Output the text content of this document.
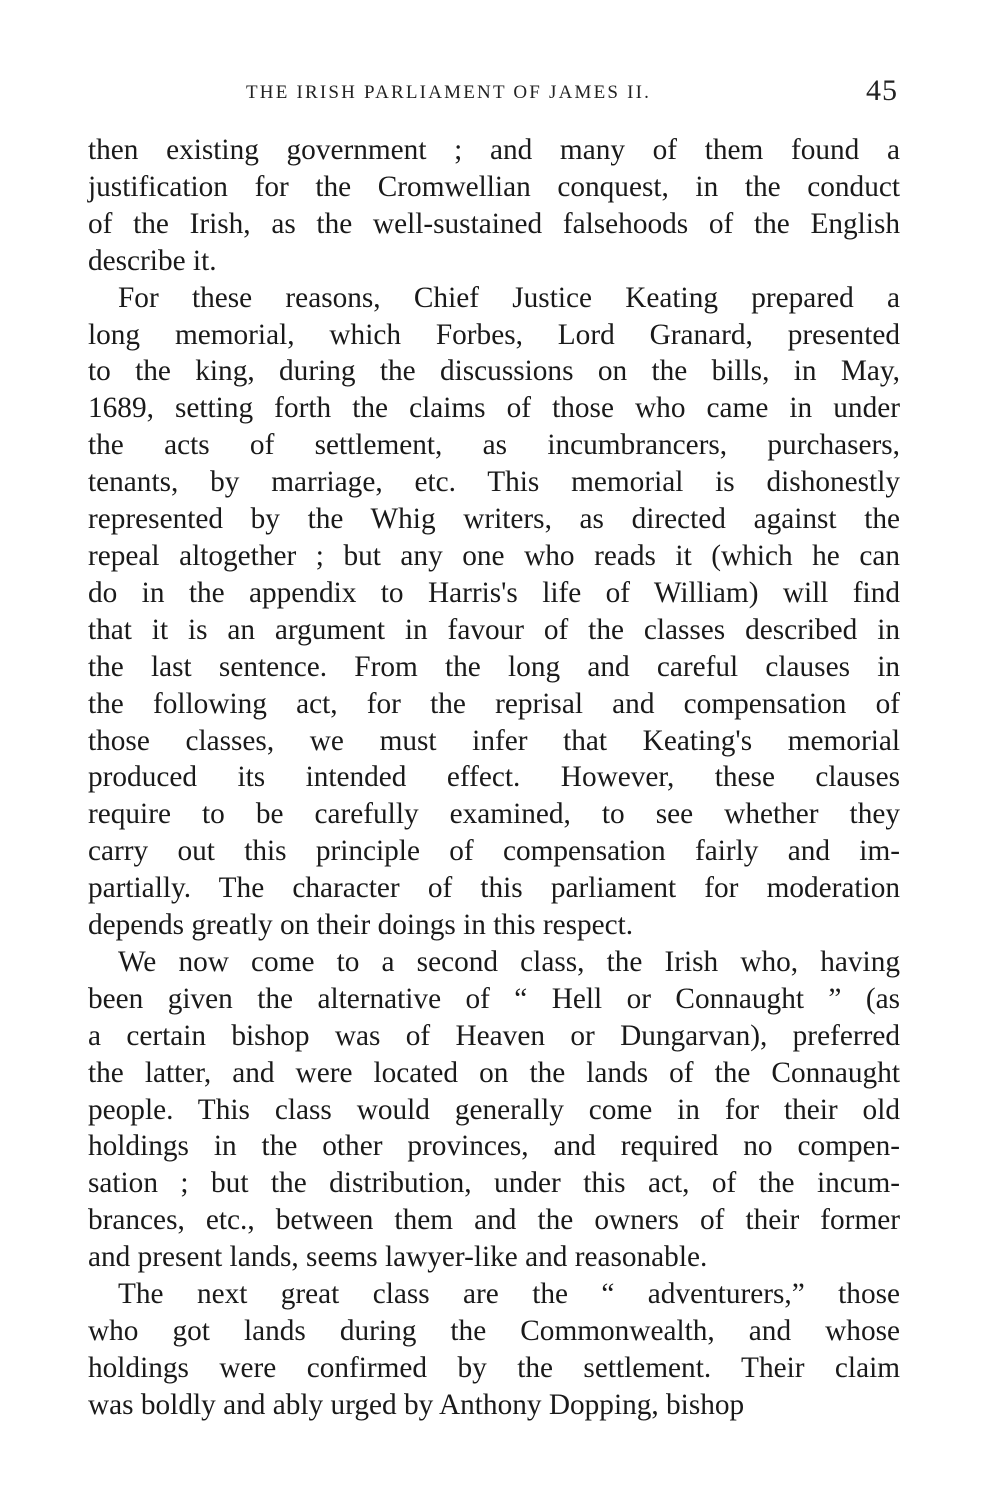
THE IRISH PARLIAMENT OF JAMES II.	45

then existing government ; and many of them found a
justification for the Cromwellian conquest, in the conduct
of the Irish, as the well-sustained falsehoods of the English
describe it.

For these reasons, Chief Justice Keating prepared a
long memorial, which Forbes, Lord Granard, presented
to the king, during the discussions on the bills, in May,
1689, setting forth the claims of those who came in under
the acts of settlement, as incumbrancers, purchasers,
tenants, by marriage, etc. This memorial is dishonestly
represented by the Whig writers, as directed against the
repeal altogether ; but any one who reads it (which he can
do in the appendix to Harris's life of William) will find
that it is an argument in favour of the classes described in
the last sentence. From the long and careful clauses in
the following act, for the reprisal and compensation of
those classes, we must infer that Keating's memorial
produced its intended effect. However, these clauses
require to be carefully examined, to see whether they
carry out this principle of compensation fairly and im-
partially. The character of this parliament for moderation
depends greatly on their doings in this respect.

We now come to a second class, the Irish who, having
been given the alternative of “ Hell or Connaught ” (as
a certain bishop was of Heaven or Dungarvan), preferred
the latter, and were located on the lands of the Connaught
people. This class would generally come in for their old
holdings in the other provinces, and required no compen-
sation ; but the distribution, under this act, of the incum-
brances, etc., between them and the owners of their former
and present lands, seems lawyer-like and reasonable.

The next great class are the “ adventurers,” those
who got lands during the Commonwealth, and whose
holdings were confirmed by the settlement. Their claim
was boldly and ably urged by Anthony Dopping, bishop
